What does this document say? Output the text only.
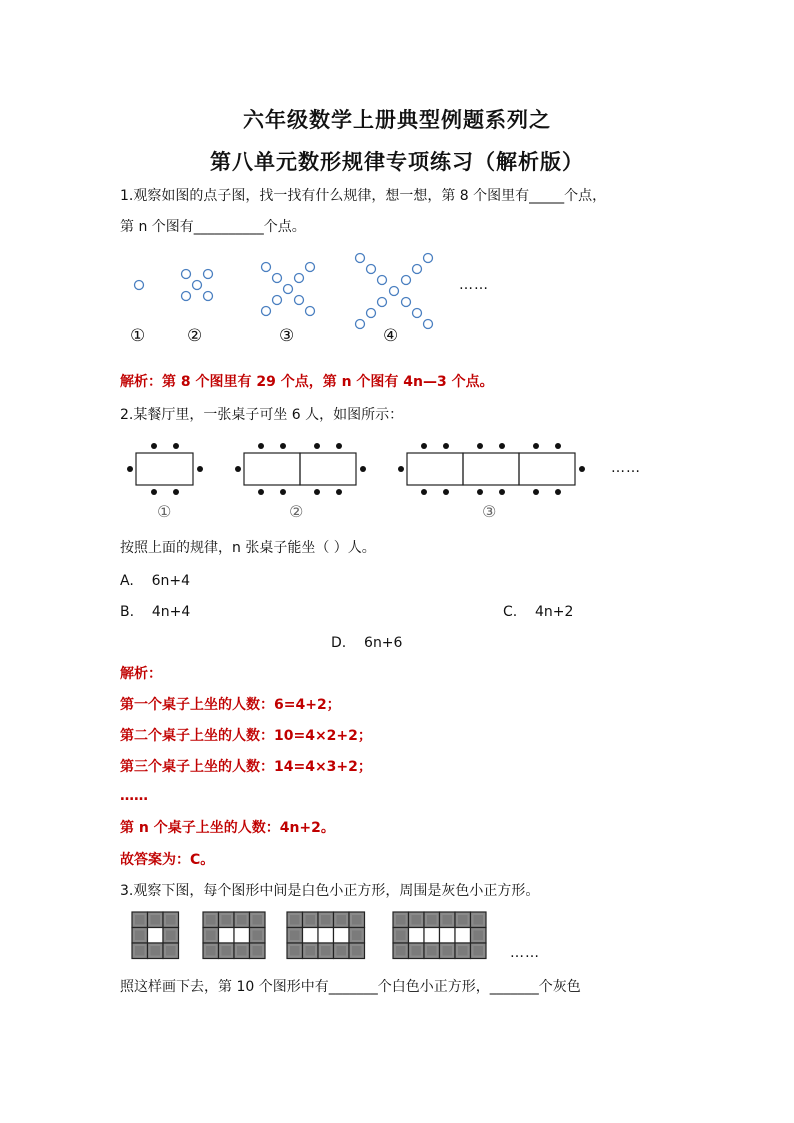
六年级数学上册典型例题系列之
第八单元数形规律专项练习（解析版）
1.观察如图的点子图，找一找有什么规律，想一想，第 8 个图里有_____个点，
第 n 个图有__________个点。
……
① ②	③	④
解析：第 8 个图里有 29 个点，第 n 个图有 4n—3 个点。
2.某餐厅里，一张桌子可坐 6 人，如图所示：
……
①	②	③
按照上面的规律，n 张桌子能坐（ ）人。
A.    6n+4
B.    4n+4	C.    4n+2
D.    6n+6
解析：
第一个桌子上坐的人数：6=4+2；
第二个桌子上坐的人数：10=4×2+2；
第三个桌子上坐的人数：14=4×3+2；
……
第 n 个桌子上坐的人数：4n+2。
故答案为：C。
3.观察下图，每个图形中间是白色小正方形，周围是灰色小正方形。
……
照这样画下去，第 10 个图形中有_______个白色小正方形，_______个灰色
